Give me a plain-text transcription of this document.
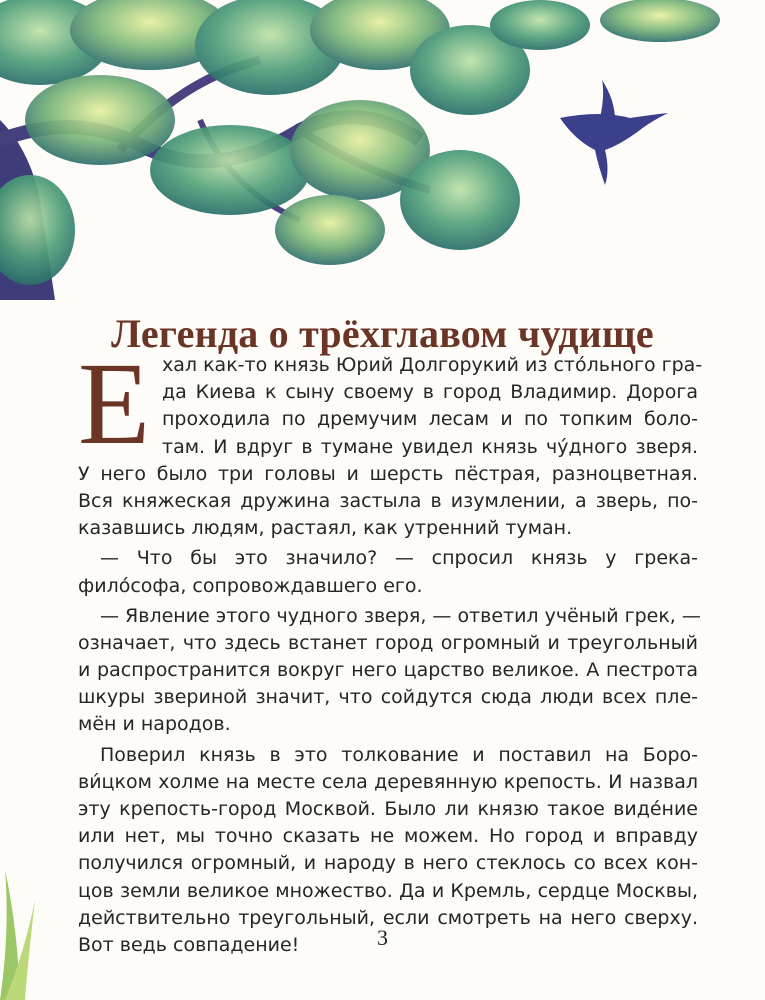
Легенда о трёхглавом чудище
Е хал как-то князь Юрий Долгорукий из сто́льного гра-
да Киева к сыну своему в город Владимир. Дорога
проходила по дремучим лесам и по топким боло-
там. И вдруг в тумане увидел князь чу́дного зверя.
У него было три головы и шерсть пёстрая, разноцветная.
Вся княжеская дружина застыла в изумлении, а зверь, по-
казавшись людям, растаял, как утренний туман.
— Что бы это значило? — спросил князь у грека-
фило́софа, сопровождавшего его.
— Явление этого чудного зверя, — ответил учёный грек, —
означает, что здесь встанет город огромный и треугольный
и распространится вокруг него царство великое. А пестрота
шкуры звериной значит, что сойдутся сюда люди всех пле-
мён и народов.
Поверил князь в это толкование и поставил на Боро-
ви́цком холме на месте села деревянную крепость. И назвал
эту крепость-город Москвой. Было ли князю такое виде́ние
или нет, мы точно сказать не можем. Но город и вправду
получился огромный, и народу в него стеклось со всех кон-
цов земли великое множество. Да и Кремль, сердце Москвы,
действительно треугольный, если смотреть на него сверху.
Вот ведь совпадение!	3
